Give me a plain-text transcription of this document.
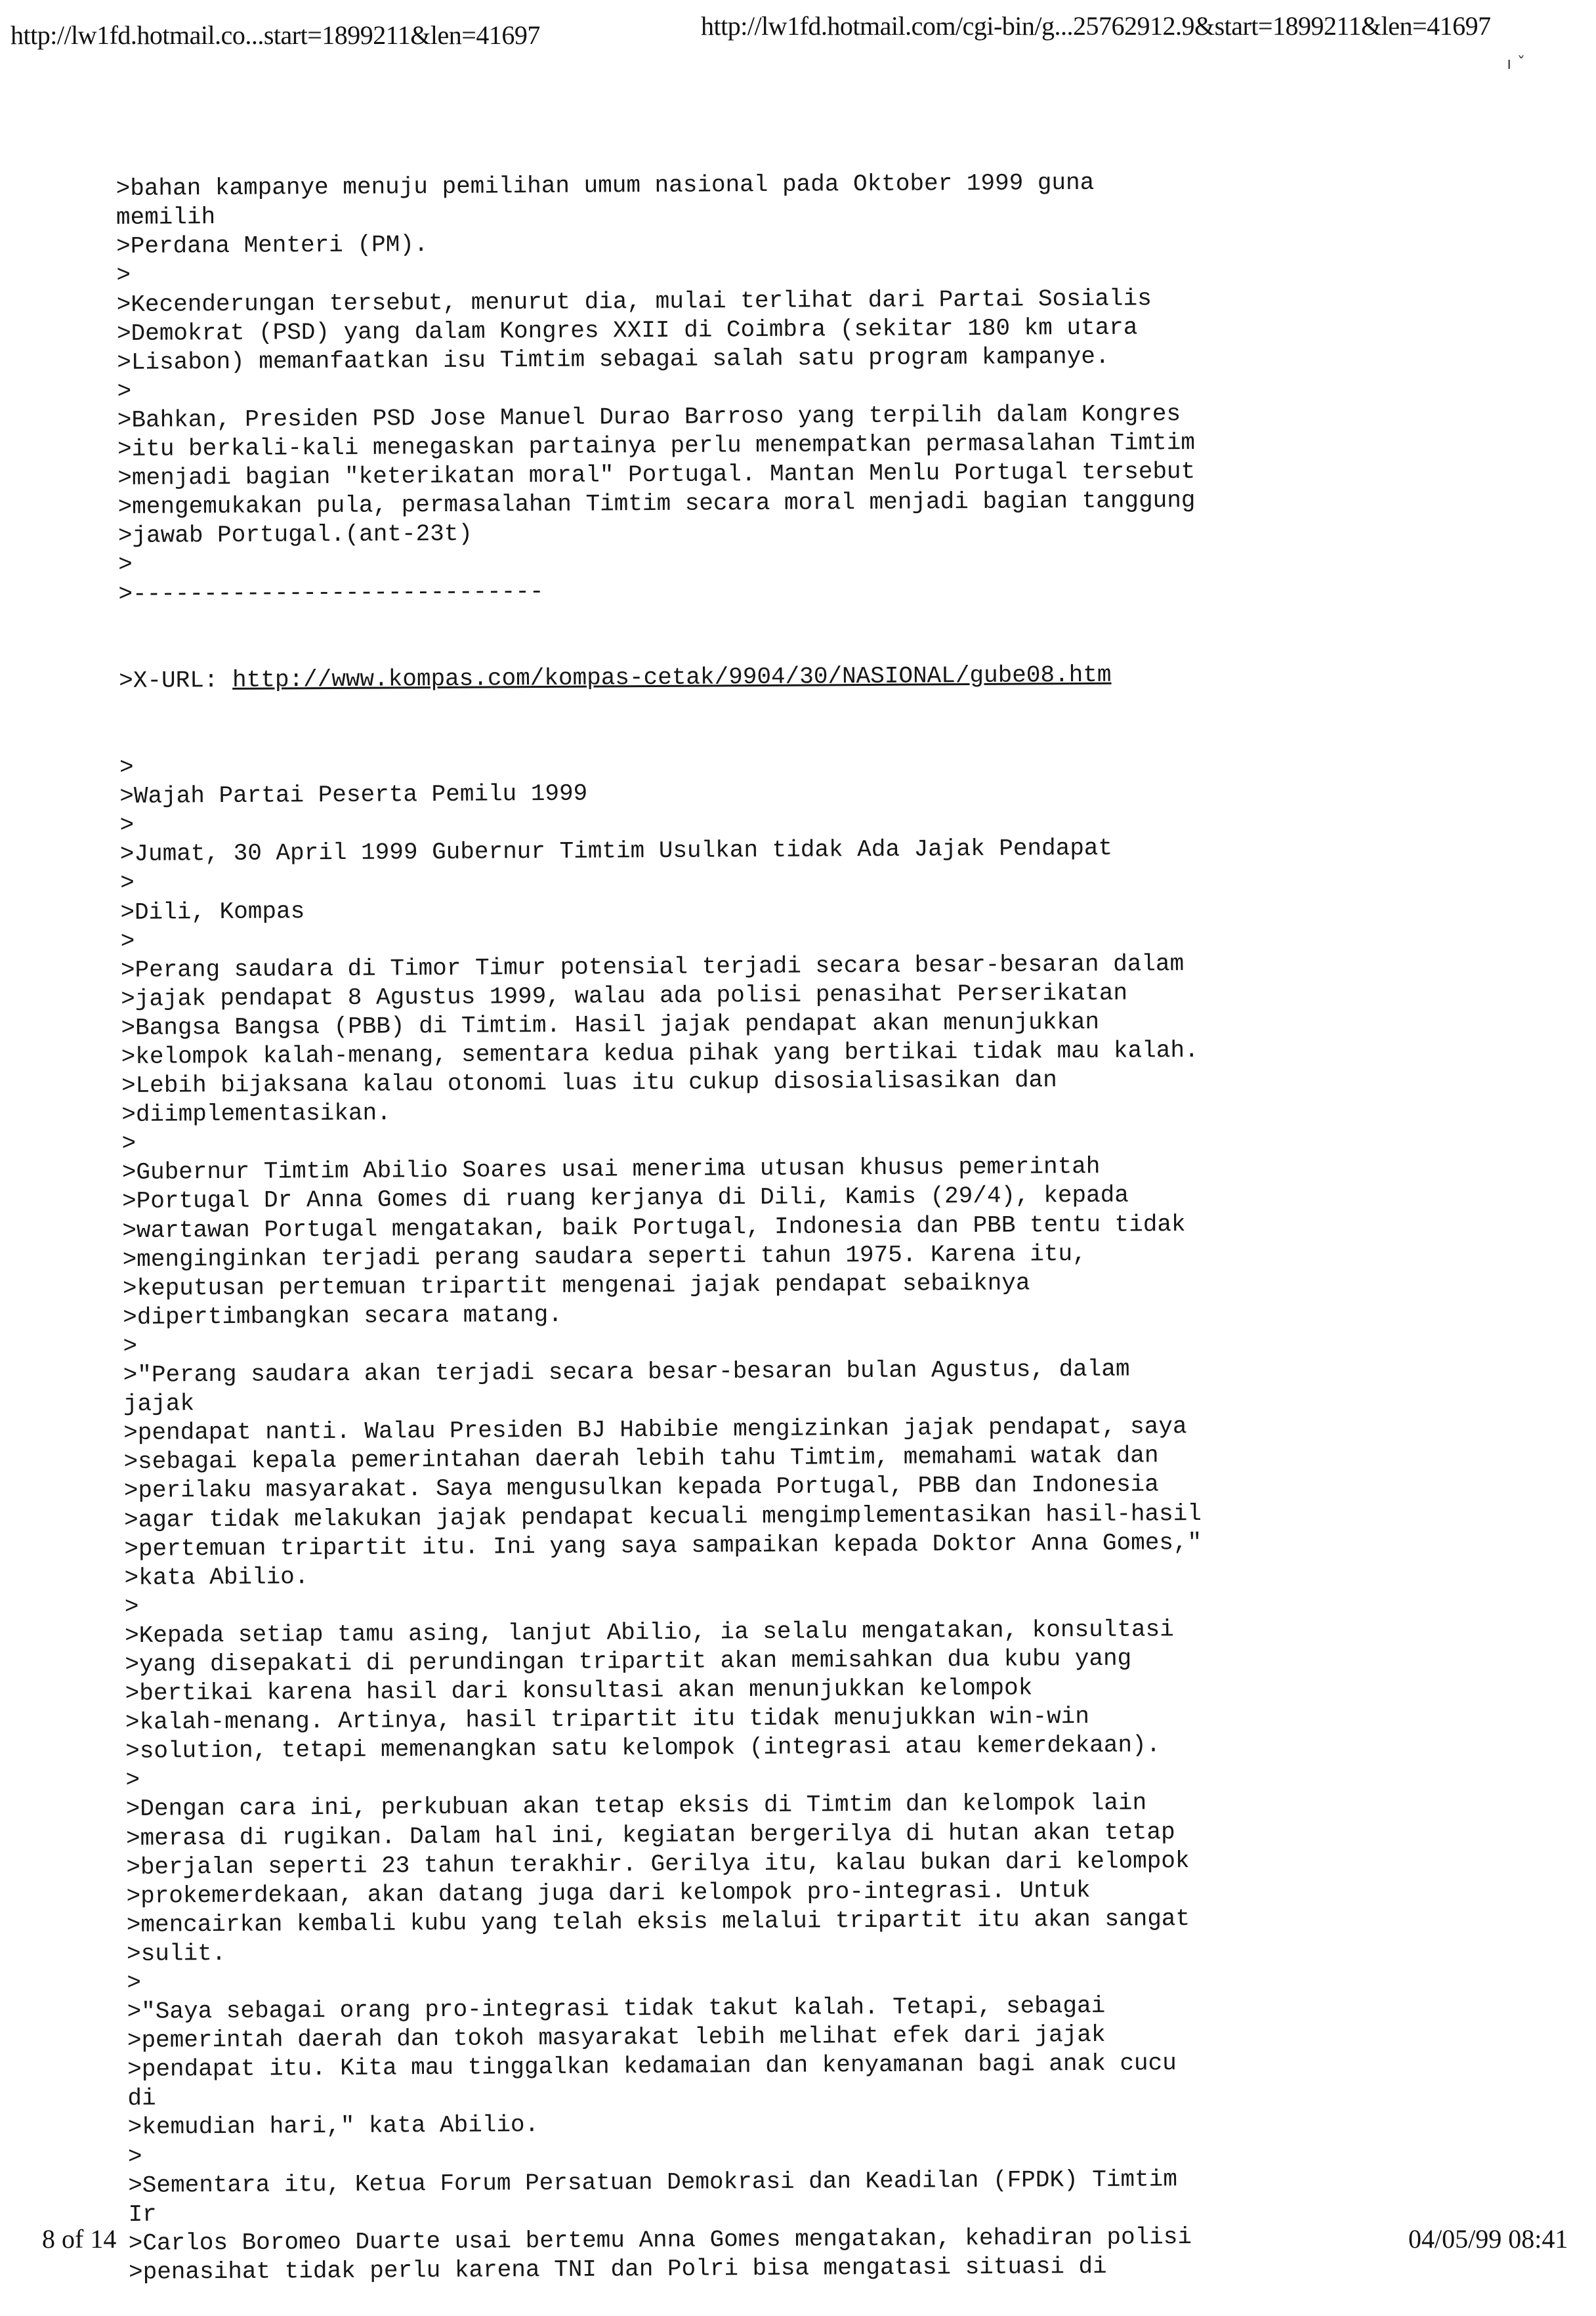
http://lw1fd.hotmail.co...start=1899211&len=41697	http://lw1fd.hotmail.com/cgi-bin/g...25762912.9&start=1899211&len=41697
ı ˇ

>bahan kampanye menuju pemilihan umum nasional pada Oktober 1999 guna
memilih
>Perdana Menteri (PM).
>
>Kecenderungan tersebut, menurut dia, mulai terlihat dari Partai Sosialis
>Demokrat (PSD) yang dalam Kongres XXII di Coimbra (sekitar 180 km utara
>Lisabon) memanfaatkan isu Timtim sebagai salah satu program kampanye.
>
>Bahkan, Presiden PSD Jose Manuel Durao Barroso yang terpilih dalam Kongres
>itu berkali-kali menegaskan partainya perlu menempatkan permasalahan Timtim
>menjadi bagian "keterikatan moral" Portugal. Mantan Menlu Portugal tersebut
>mengemukakan pula, permasalahan Timtim secara moral menjadi bagian tanggung
>jawab Portugal.(ant-23t)
>
>-----------------------------

>X-URL: http://www.kompas.com/kompas-cetak/9904/30/NASIONAL/gube08.htm

>
>Wajah Partai Peserta Pemilu 1999
>
>Jumat, 30 April 1999 Gubernur Timtim Usulkan tidak Ada Jajak Pendapat
>
>Dili, Kompas
>
>Perang saudara di Timor Timur potensial terjadi secara besar-besaran dalam
>jajak pendapat 8 Agustus 1999, walau ada polisi penasihat Perserikatan
>Bangsa Bangsa (PBB) di Timtim. Hasil jajak pendapat akan menunjukkan
>kelompok kalah-menang, sementara kedua pihak yang bertikai tidak mau kalah.
>Lebih bijaksana kalau otonomi luas itu cukup disosialisasikan dan
>diimplementasikan.
>
>Gubernur Timtim Abilio Soares usai menerima utusan khusus pemerintah
>Portugal Dr Anna Gomes di ruang kerjanya di Dili, Kamis (29/4), kepada
>wartawan Portugal mengatakan, baik Portugal, Indonesia dan PBB tentu tidak
>menginginkan terjadi perang saudara seperti tahun 1975. Karena itu,
>keputusan pertemuan tripartit mengenai jajak pendapat sebaiknya
>dipertimbangkan secara matang.
>
>"Perang saudara akan terjadi secara besar-besaran bulan Agustus, dalam
jajak
>pendapat nanti. Walau Presiden BJ Habibie mengizinkan jajak pendapat, saya
>sebagai kepala pemerintahan daerah lebih tahu Timtim, memahami watak dan
>perilaku masyarakat. Saya mengusulkan kepada Portugal, PBB dan Indonesia
>agar tidak melakukan jajak pendapat kecuali mengimplementasikan hasil-hasil
>pertemuan tripartit itu. Ini yang saya sampaikan kepada Doktor Anna Gomes,"
>kata Abilio.
>
>Kepada setiap tamu asing, lanjut Abilio, ia selalu mengatakan, konsultasi
>yang disepakati di perundingan tripartit akan memisahkan dua kubu yang
>bertikai karena hasil dari konsultasi akan menunjukkan kelompok
>kalah-menang. Artinya, hasil tripartit itu tidak menujukkan win-win
>solution, tetapi memenangkan satu kelompok (integrasi atau kemerdekaan).
>
>Dengan cara ini, perkubuan akan tetap eksis di Timtim dan kelompok lain
>merasa di rugikan. Dalam hal ini, kegiatan bergerilya di hutan akan tetap
>berjalan seperti 23 tahun terakhir. Gerilya itu, kalau bukan dari kelompok
>prokemerdekaan, akan datang juga dari kelompok pro-integrasi. Untuk
>mencairkan kembali kubu yang telah eksis melalui tripartit itu akan sangat
>sulit.
>
>"Saya sebagai orang pro-integrasi tidak takut kalah. Tetapi, sebagai
>pemerintah daerah dan tokoh masyarakat lebih melihat efek dari jajak
>pendapat itu. Kita mau tinggalkan kedamaian dan kenyamanan bagi anak cucu
di
>kemudian hari," kata Abilio.
>
>Sementara itu, Ketua Forum Persatuan Demokrasi dan Keadilan (FPDK) Timtim
Ir
>Carlos Boromeo Duarte usai bertemu Anna Gomes mengatakan, kehadiran polisi
>penasihat tidak perlu karena TNI dan Polri bisa mengatasi situasi di

8 of 14	04/05/99 08:41
